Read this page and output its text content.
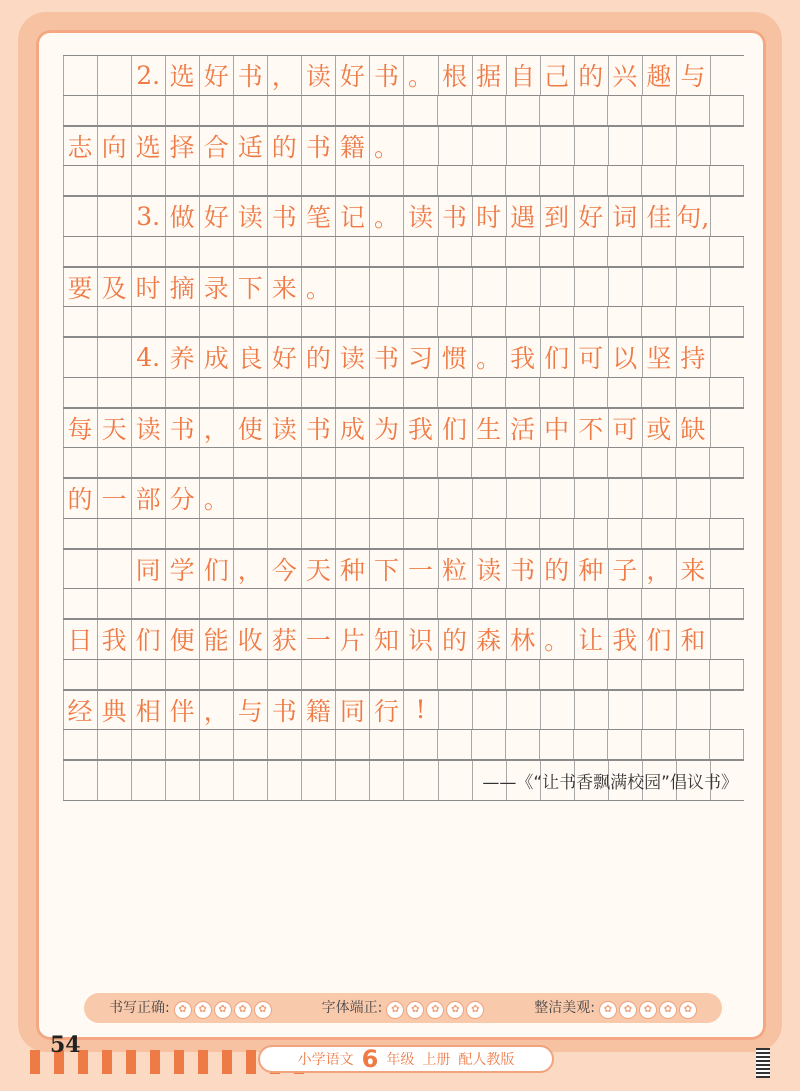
2. 选 好 书 ， 读 好 书 。 根 据 自 己 的 兴 趣 与
志 向 选 择 合 适 的 书 籍 。
3. 做 好 读 书 笔 记 。 读 书 时 遇 到 好 词 佳 句,
要 及 时 摘 录 下 来 。
4. 养 成 良 好 的 读 书 习 惯 。 我 们 可 以 坚 持
每 天 读 书 ， 使 读 书 成 为 我 们 生 活 中 不 可 或 缺
的 一 部 分 。
同 学 们 ， 今 天 种 下 一 粒 读 书 的 种 子 ， 来
日 我 们 便 能 收 获 一 片 知 识 的 森 林 。 让 我 们 和
经 典 相 伴 ， 与 书 籍 同 行 !
——《“让书香飘满校园”倡议书》
书写正确: ✿	✿	✿	✿	✿	字体端正: ✿	✿	✿	✿	✿	整洁美观: ✿	✿	✿	✿	✿
54
小学语文 6 年级 上册 配人教版
